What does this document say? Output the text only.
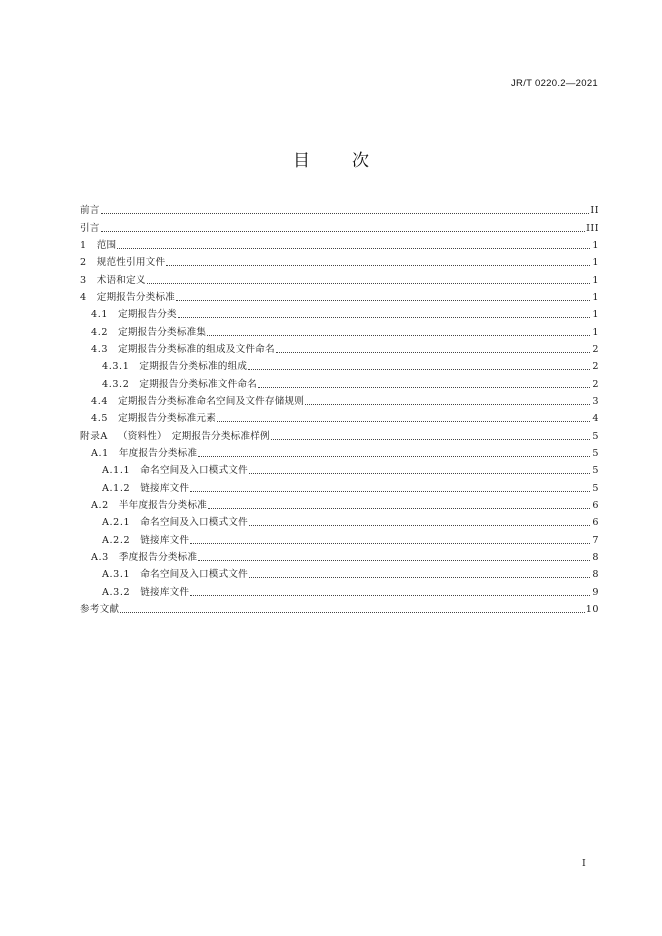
JR/T 0220.2—2021
目 次
前言	II
引言	III
1 范围	1
2 规范性引用文件	1
3 术语和定义	1
4 定期报告分类标准	1
4.1 定期报告分类	1
4.2 定期报告分类标准集	1
4.3 定期报告分类标准的组成及文件命名	2
4.3.1 定期报告分类标准的组成	2
4.3.2 定期报告分类标准文件命名	2
4.4 定期报告分类标准命名空间及文件存储规则	3
4.5 定期报告分类标准元素	4
附录A （资料性）　定期报告分类标准样例	5
A.1 年度报告分类标准	5
A.1.1 命名空间及入口模式文件	5
A.1.2 链接库文件	5
A.2 半年度报告分类标准	6
A.2.1 命名空间及入口模式文件	6
A.2.2 链接库文件	7
A.3 季度报告分类标准	8
A.3.1 命名空间及入口模式文件	8
A.3.2 链接库文件	9
参考文献	10
I
